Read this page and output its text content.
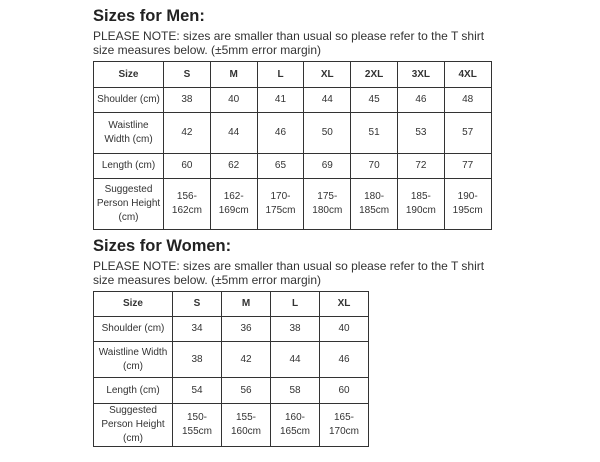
Sizes for Men:

PLEASE NOTE: sizes are smaller than usual so please refer to the T shirt size measures below. (±5mm error margin)

Size	S	M	L	XL	2XL	3XL	4XL
Shoulder (cm)	38	40	41	44	45	46	48
Waistline Width (cm)	42	44	46	50	51	53	57
Length (cm)	60	62	65	69	70	72	77
Suggested Person Height (cm)	156-162cm	162-169cm	170-175cm	175-180cm	180-185cm	185-190cm	190-195cm
Sizes for Women:

PLEASE NOTE: sizes are smaller than usual so please refer to the T shirt size measures below. (±5mm error margin)

Size	S	M	L	XL
Shoulder (cm)	34	36	38	40
Waistline Width (cm)	38	42	44	46
Length (cm)	54	56	58	60
Suggested Person Height (cm)	150-155cm	155-160cm	160-165cm	165-170cm
